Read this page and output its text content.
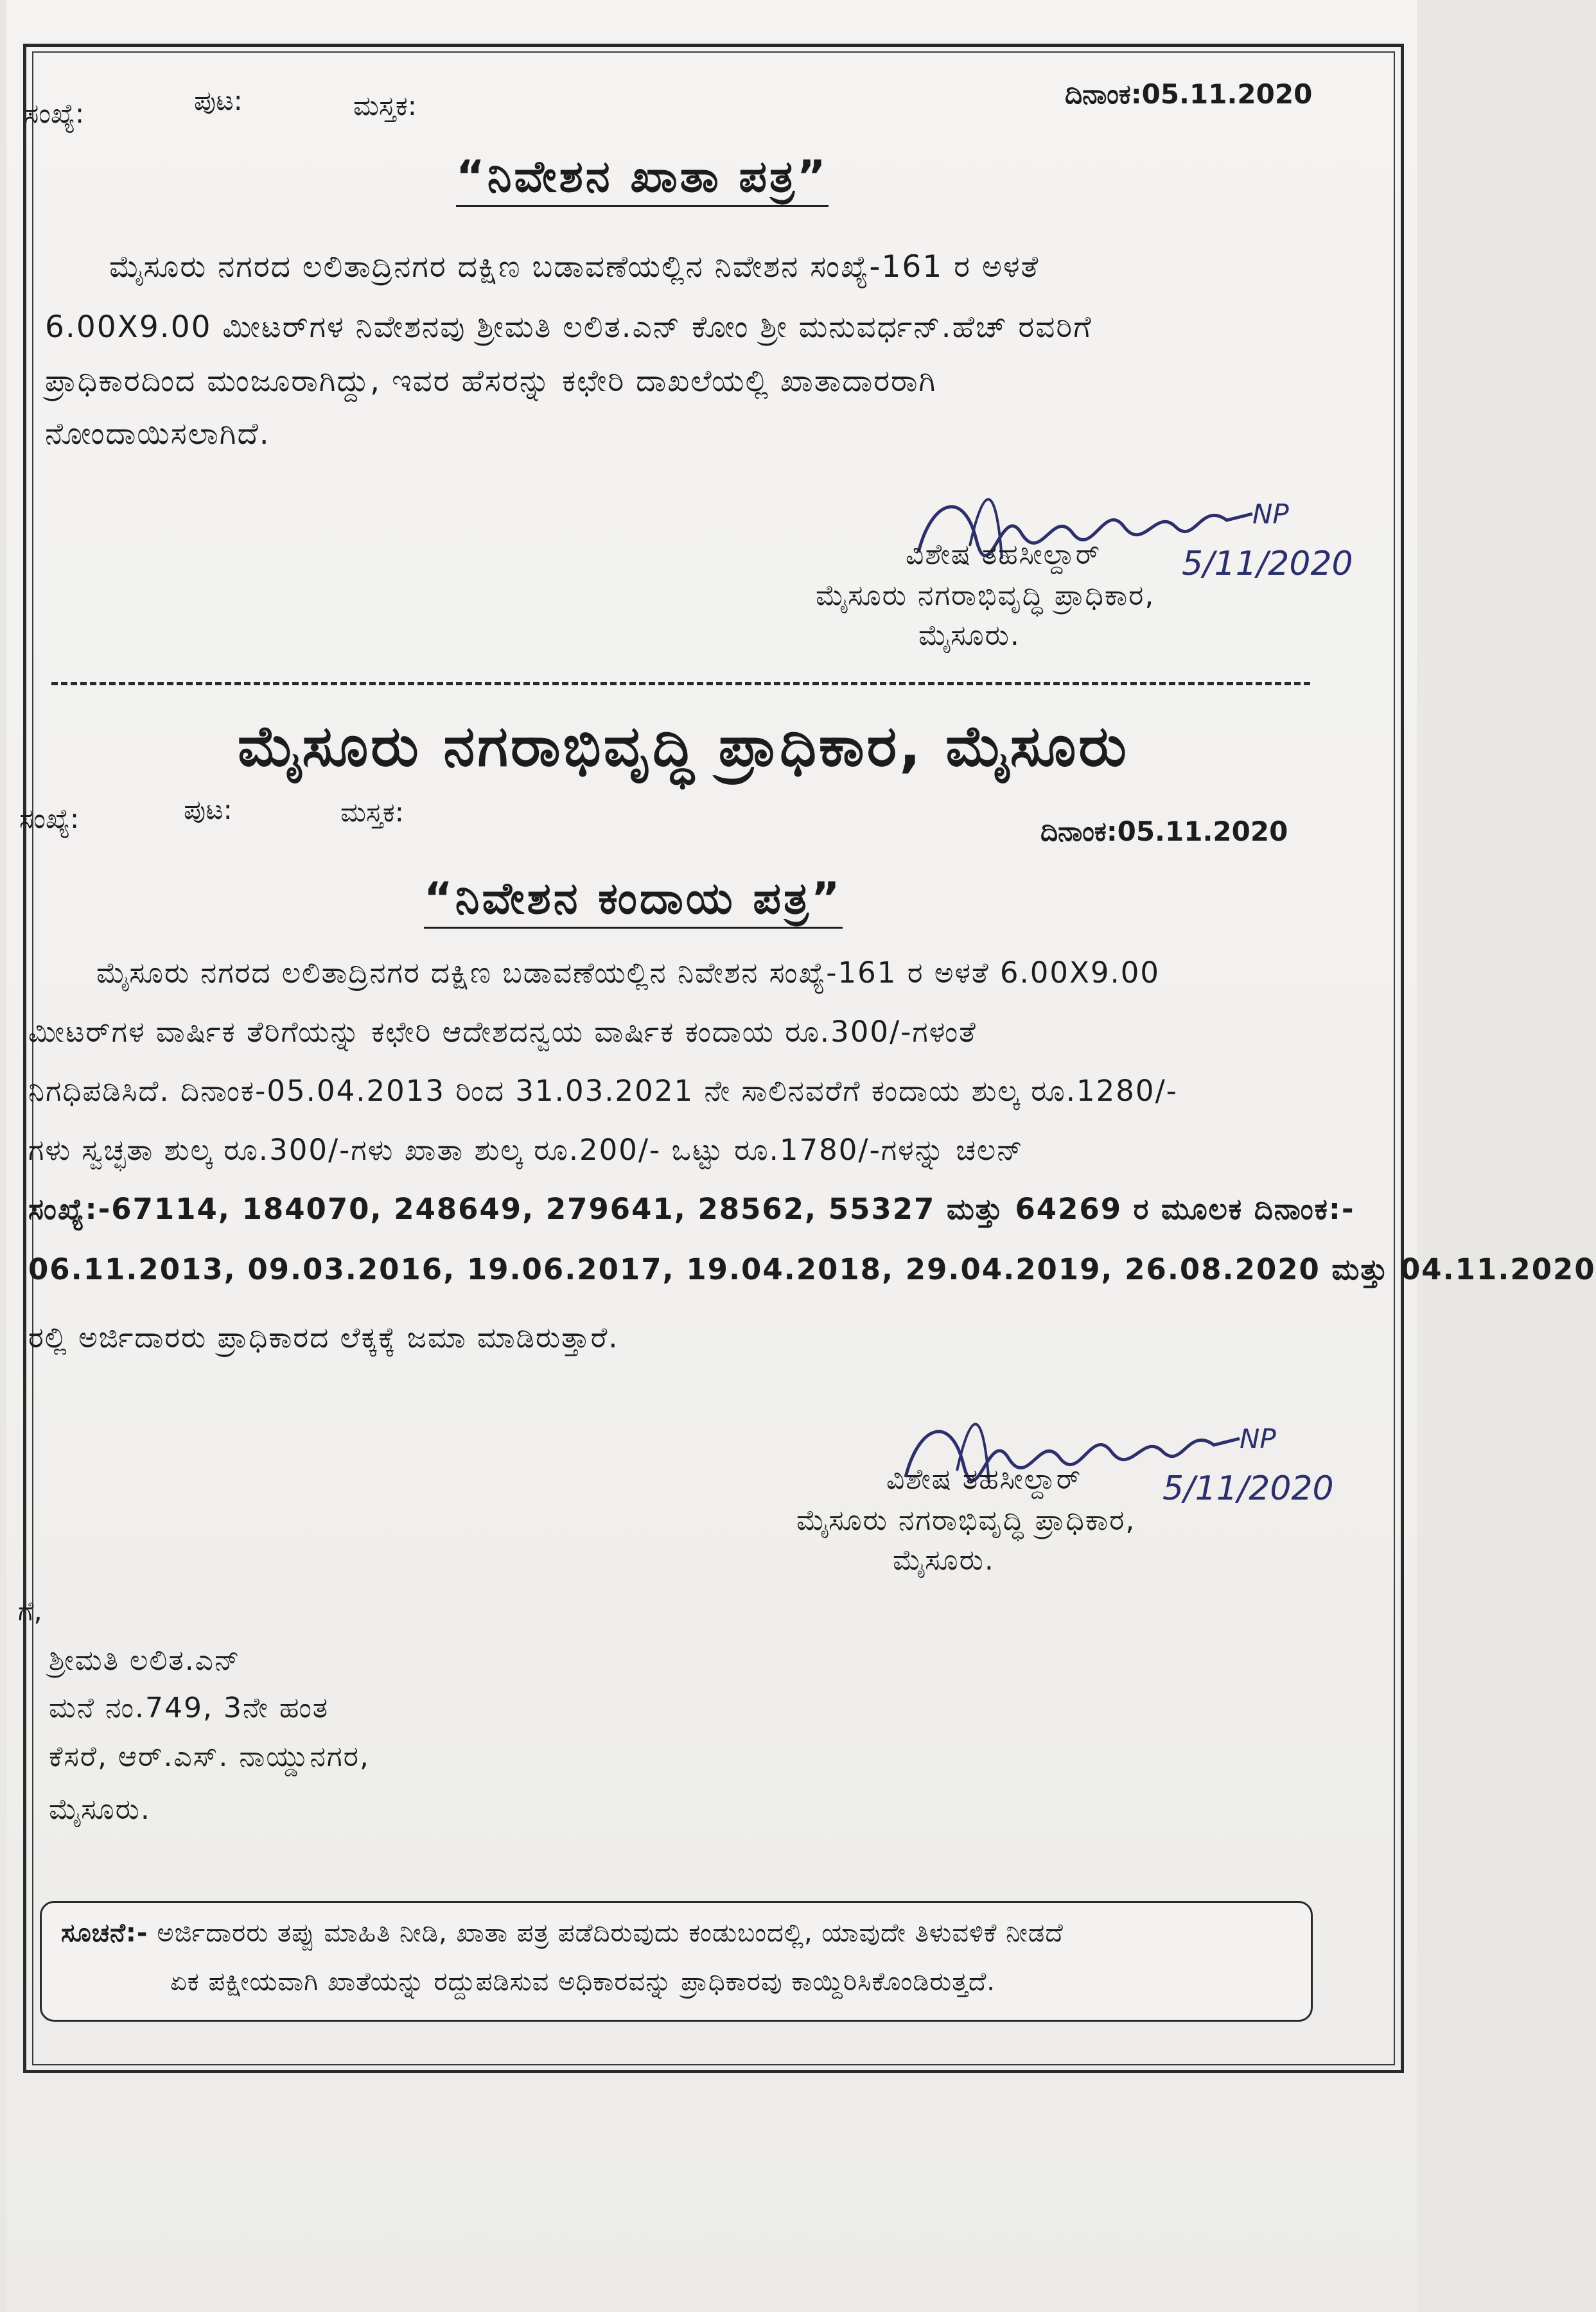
ಸಂಖ್ಯೆ:	ಪುಟ:	ಮಸ್ತಕ:	ದಿನಾಂಕ:05.11.2020
“ನಿವೇಶನ ಖಾತಾ ಪತ್ರ”
ಮೈಸೂರು ನಗರದ ಲಲಿತಾದ್ರಿನಗರ ದಕ್ಷಿಣ ಬಡಾವಣೆಯಲ್ಲಿನ ನಿವೇಶನ ಸಂಖ್ಯೆ-161 ರ ಅಳತೆ
6.00X9.00 ಮೀಟರ್‌ಗಳ ನಿವೇಶನವು ಶ್ರೀಮತಿ ಲಲಿತ.ಎನ್ ಕೋಂ ಶ್ರೀ ಮನುವರ್ಧನ್.ಹೆಚ್ ರವರಿಗೆ
ಪ್ರಾಧಿಕಾರದಿಂದ ಮಂಜೂರಾಗಿದ್ದು, ಇವರ ಹೆಸರನ್ನು ಕಛೇರಿ ದಾಖಲೆಯಲ್ಲಿ ಖಾತಾದಾರರಾಗಿ
ನೋಂದಾಯಿಸಲಾಗಿದೆ.
NP
5/11/2020
ವಿಶೇಷ ತಹಸೀಲ್ದಾರ್
ಮೈಸೂರು ನಗರಾಭಿವೃದ್ಧಿ ಪ್ರಾಧಿಕಾರ,
ಮೈಸೂರು.
ಮೈಸೂರು ನಗರಾಭಿವೃದ್ಧಿ ಪ್ರಾಧಿಕಾರ, ಮೈಸೂರು
ಸಂಖ್ಯೆ:	ಪುಟ:	ಮಸ್ತಕ:
ದಿನಾಂಕ:05.11.2020
“ನಿವೇಶನ ಕಂದಾಯ ಪತ್ರ”
ಮೈಸೂರು ನಗರದ ಲಲಿತಾದ್ರಿನಗರ ದಕ್ಷಿಣ ಬಡಾವಣೆಯಲ್ಲಿನ ನಿವೇಶನ ಸಂಖ್ಯೆ-161 ರ ಅಳತೆ 6.00X9.00
ಮೀಟರ್‌ಗಳ ವಾರ್ಷಿಕ ತೆರಿಗೆಯನ್ನು ಕಛೇರಿ ಆದೇಶದನ್ವಯ ವಾರ್ಷಿಕ ಕಂದಾಯ ರೂ.300/-ಗಳಂತೆ
ನಿಗಧಿಪಡಿಸಿದೆ. ದಿನಾಂಕ-05.04.2013 ರಿಂದ 31.03.2021 ನೇ ಸಾಲಿನವರೆಗೆ ಕಂದಾಯ ಶುಲ್ಕ ರೂ.1280/-
ಗಳು ಸ್ವಚ್ಛತಾ ಶುಲ್ಕ ರೂ.300/-ಗಳು ಖಾತಾ ಶುಲ್ಕ ರೂ.200/- ಒಟ್ಟು ರೂ.1780/-ಗಳನ್ನು ಚಲನ್
ಸಂಖ್ಯೆ:-67114, 184070, 248649, 279641, 28562, 55327 ಮತ್ತು 64269 ರ ಮೂಲಕ ದಿನಾಂಕ:-
06.11.2013, 09.03.2016, 19.06.2017, 19.04.2018, 29.04.2019, 26.08.2020 ಮತ್ತು 04.11.2020
ರಲ್ಲಿ ಅರ್ಜಿದಾರರು ಪ್ರಾಧಿಕಾರದ ಲೆಕ್ಕಕ್ಕೆ ಜಮಾ ಮಾಡಿರುತ್ತಾರೆ.
NP
5/11/2020
ವಿಶೇಷ ತಹಸೀಲ್ದಾರ್
ಮೈಸೂರು ನಗರಾಭಿವೃದ್ಧಿ ಪ್ರಾಧಿಕಾರ,
ಮೈಸೂರು.
ಗೆ,
ಶ್ರೀಮತಿ ಲಲಿತ.ಎನ್
ಮನೆ ನಂ.749, 3ನೇ ಹಂತ
ಕೆಸರೆ, ಆರ್.ಎಸ್. ನಾಯ್ಡುನಗರ,
ಮೈಸೂರು.
ಸೂಚನೆ:- ಅರ್ಜಿದಾರರು ತಪ್ಪು ಮಾಹಿತಿ ನೀಡಿ, ಖಾತಾ ಪತ್ರ ಪಡೆದಿರುವುದು ಕಂಡುಬಂದಲ್ಲಿ, ಯಾವುದೇ ತಿಳುವಳಿಕೆ ನೀಡದೆ
ಏಕ ಪಕ್ಷೀಯವಾಗಿ ಖಾತೆಯನ್ನು ರದ್ದುಪಡಿಸುವ ಅಧಿಕಾರವನ್ನು ಪ್ರಾಧಿಕಾರವು ಕಾಯ್ದಿರಿಸಿಕೊಂಡಿರುತ್ತದೆ.
